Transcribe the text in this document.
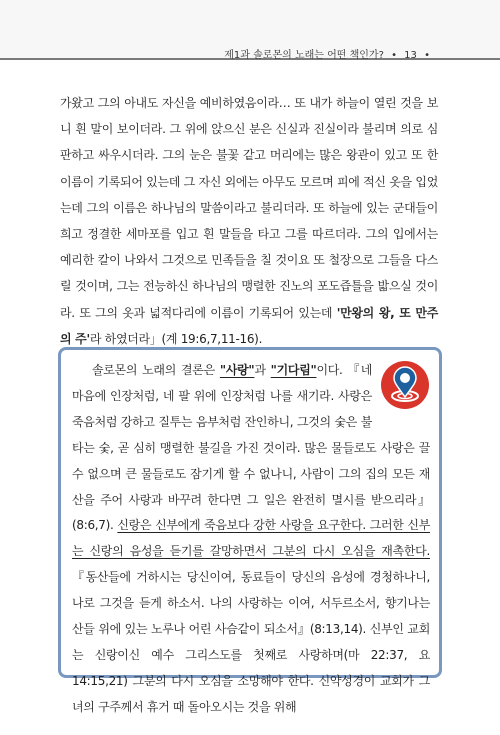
제1과 솔로몬의 노래는 어떤 책인가? • 13 •

가왔고 그의 아내도 자신을 예비하였음이라… 또 내가 하늘이 열린 것을 보니 흰 말이 보이더라. 그 위에 앉으신 분은 신실과 진실이라 불리며 의로 심판하고 싸우시더라. 그의 눈은 불꽃 같고 머리에는 많은 왕관이 있고 또 한 이름이 기록되어 있는데 그 자신 외에는 아무도 모르며 피에 적신 옷을 입었는데 그의 이름은 하나님의 말씀이라고 불리더라. 또 하늘에 있는 군대들이 희고 정결한 세마포를 입고 흰 말들을 타고 그를 따르더라. 그의 입에서는 예리한 칼이 나와서 그것으로 민족들을 칠 것이요 또 철장으로 그들을 다스릴 것이며, 그는 전능하신 하나님의 맹렬한 진노의 포도즙틀을 밟으실 것이라. 또 그의 옷과 넓적다리에 이름이 기록되어 있는데 '만왕의 왕, 또 만주의 주'라 하였더라」(계 19:6,7,11-16).

솔로몬의 노래의 결론은 "사랑"과 "기다림"이다. 『네 마음에 인장처럼, 네 팔 위에 인장처럼 나를 새기라. 사랑은 죽음처럼 강하고 질투는 음부처럼 잔인하니, 그것의 숯은 불타는 숯, 곧 심히 맹렬한 불길을 가진 것이라. 많은 물들로도 사랑은 끌 수 없으며 큰 물들로도 잠기게 할 수 없나니, 사람이 그의 집의 모든 재산을 주어 사랑과 바꾸려 한다면 그 일은 완전히 멸시를 받으리라』(8:6,7). 신랑은 신부에게 죽음보다 강한 사랑을 요구한다. 그러한 신부는 신랑의 음성을 듣기를 갈망하면서 그분의 다시 오심을 재촉한다. 『동산들에 거하시는 당신이여, 동료들이 당신의 음성에 경청하나니, 나로 그것을 듣게 하소서. 나의 사랑하는 이여, 서두르소서, 향기나는 산들 위에 있는 노루나 어린 사슴같이 되소서』(8:13,14). 신부인 교회는 신랑이신 예수 그리스도를 첫째로 사랑하며(마 22:37, 요 14:15,21) 그분의 다시 오심을 소망해야 한다. 신약성경이 교회가 그녀의 구주께서 휴거 때 돌아오시는 것을 위해
